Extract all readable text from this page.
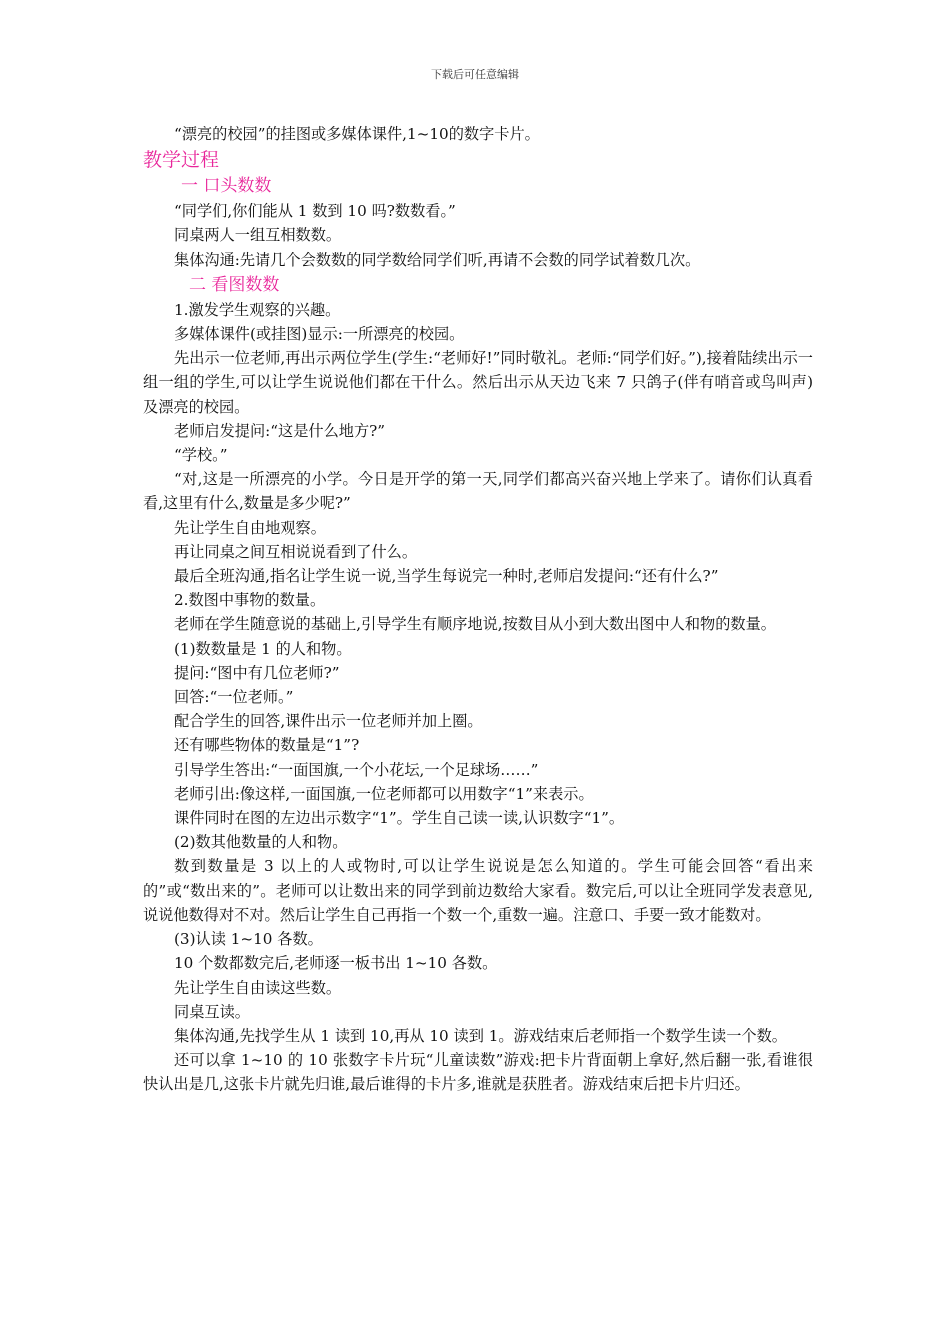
下载后可任意编辑

“漂亮的校园”的挂图或多媒体课件,1~10的数字卡片。

教学过程

一 口头数数

“同学们,你们能从 1 数到 10 吗?数数看。”

同桌两人一组互相数数。

集体沟通:先请几个会数数的同学数给同学们听,再请不会数的同学试着数几次。

二 看图数数

1.激发学生观察的兴趣。

多媒体课件(或挂图)显示:一所漂亮的校园。

先出示一位老师,再出示两位学生(学生:“老师好!”同时敬礼。老师:“同学们好。”),接着陆续出示一组一组的学生,可以让学生说说他们都在干什么。然后出示从天边飞来 7 只鸽子(伴有哨音或鸟叫声)及漂亮的校园。

老师启发提问:“这是什么地方?”

“学校。”

“对,这是一所漂亮的小学。今日是开学的第一天,同学们都高兴奋兴地上学来了。请你们认真看看,这里有什么,数量是多少呢?”

先让学生自由地观察。

再让同桌之间互相说说看到了什么。

最后全班沟通,指名让学生说一说,当学生每说完一种时,老师启发提问:“还有什么?”

2.数图中事物的数量。

老师在学生随意说的基础上,引导学生有顺序地说,按数目从小到大数出图中人和物的数量。

(1)数数量是 1 的人和物。

提问:“图中有几位老师?”

回答:“一位老师。”

配合学生的回答,课件出示一位老师并加上圈。

还有哪些物体的数量是“1”?

引导学生答出:“一面国旗,一个小花坛,一个足球场……”

老师引出:像这样,一面国旗,一位老师都可以用数字“1”来表示。

课件同时在图的左边出示数字“1”。学生自己读一读,认识数字“1”。

(2)数其他数量的人和物。

数到数量是 3 以上的人或物时,可以让学生说说是怎么知道的。学生可能会回答“看出来的”或“数出来的”。老师可以让数出来的同学到前边数给大家看。数完后,可以让全班同学发表意见,说说他数得对不对。然后让学生自己再指一个数一个,重数一遍。注意口、手要一致才能数对。

(3)认读 1~10 各数。

10 个数都数完后,老师逐一板书出 1~10 各数。

先让学生自由读这些数。

同桌互读。

集体沟通,先找学生从 1 读到 10,再从 10 读到 1。游戏结束后老师指一个数学生读一个数。

还可以拿 1~10 的 10 张数字卡片玩“儿童读数”游戏:把卡片背面朝上拿好,然后翻一张,看谁很快认出是几,这张卡片就先归谁,最后谁得的卡片多,谁就是获胜者。游戏结束后把卡片归还。
